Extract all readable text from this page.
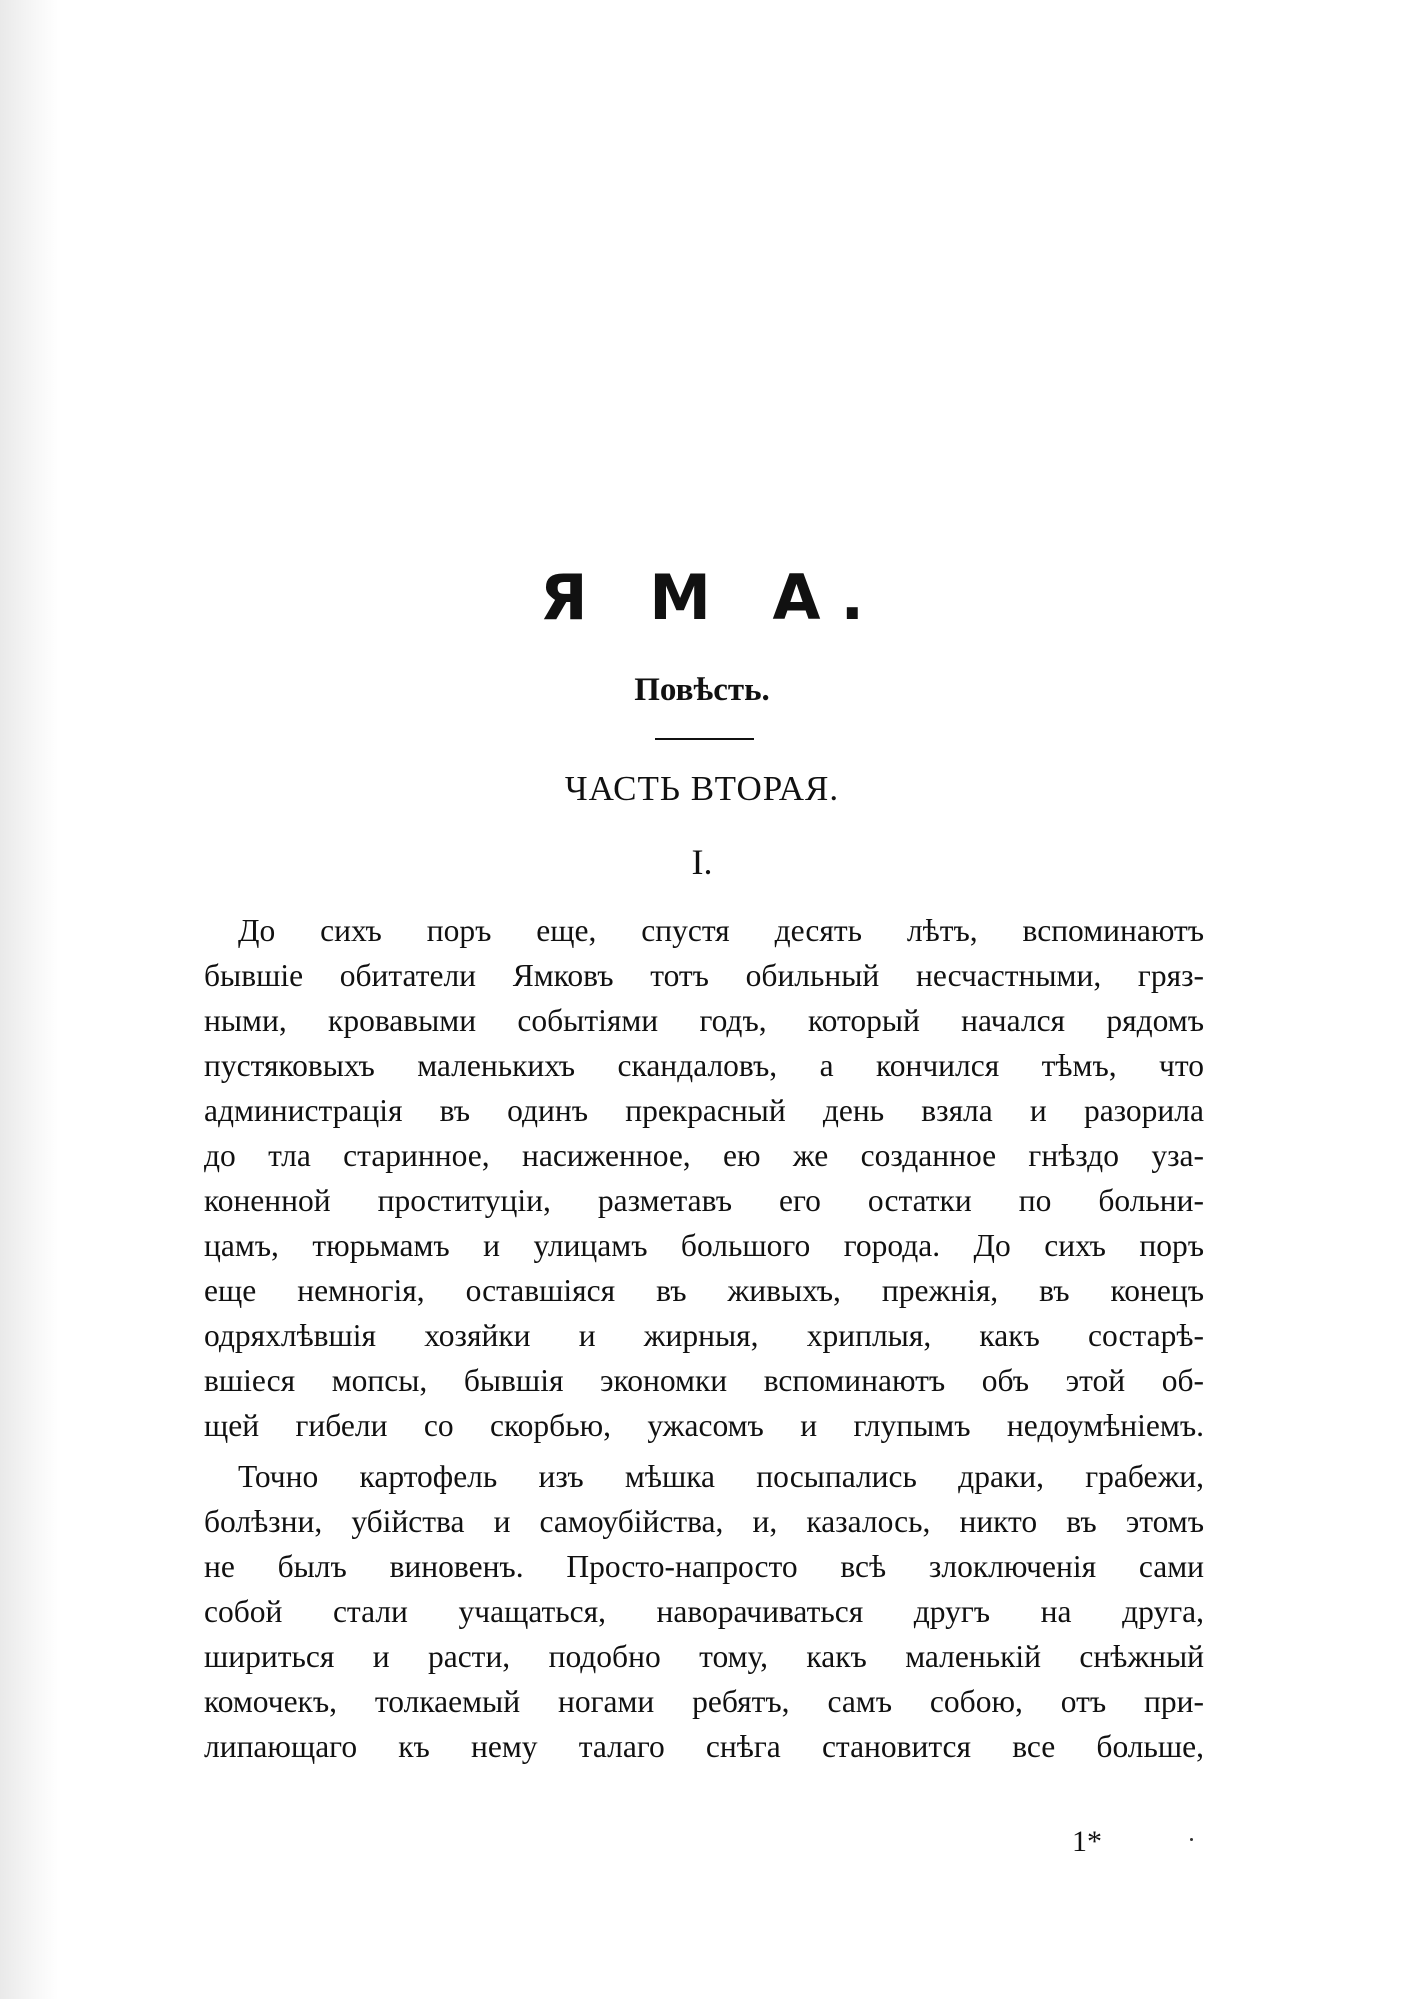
Я М А.
Повѣсть.
ЧАСТЬ ВТОРАЯ.
I.
До сихъ поръ еще, спустя десять лѣтъ, вспоминаютъ
бывшіе обитатели Ямковъ тотъ обильный несчастными, гряз-
ными, кровавыми событіями годъ, который начался рядомъ
пустяковыхъ маленькихъ скандаловъ, а кончился тѣмъ, что
администрація въ одинъ прекрасный день взяла и разорила
до тла старинное, насиженное, ею же созданное гнѣздо уза-
коненной проституціи, разметавъ его остатки по больни-
цамъ, тюрьмамъ и улицамъ большого города. До сихъ поръ
еще немногія, оставшіяся въ живыхъ, прежнія, въ конецъ
одряхлѣвшія хозяйки и жирныя, хриплыя, какъ состарѣ-
вшіеся мопсы, бывшія экономки вспоминаютъ объ этой об-
щей гибели со скорбью, ужасомъ и глупымъ недоумѣніемъ.
Точно картофель изъ мѣшка посыпались драки, грабежи,
болѣзни, убійства и самоубійства, и, казалось, никто въ этомъ
не былъ виновенъ. Просто-напросто всѣ злоключенія сами
собой стали учащаться, наворачиваться другъ на друга,
шириться и расти, подобно тому, какъ маленькій снѣжный
комочекъ, толкаемый ногами ребятъ, самъ собою, отъ при-
липающаго къ нему талаго снѣга становится все больше,
1*
